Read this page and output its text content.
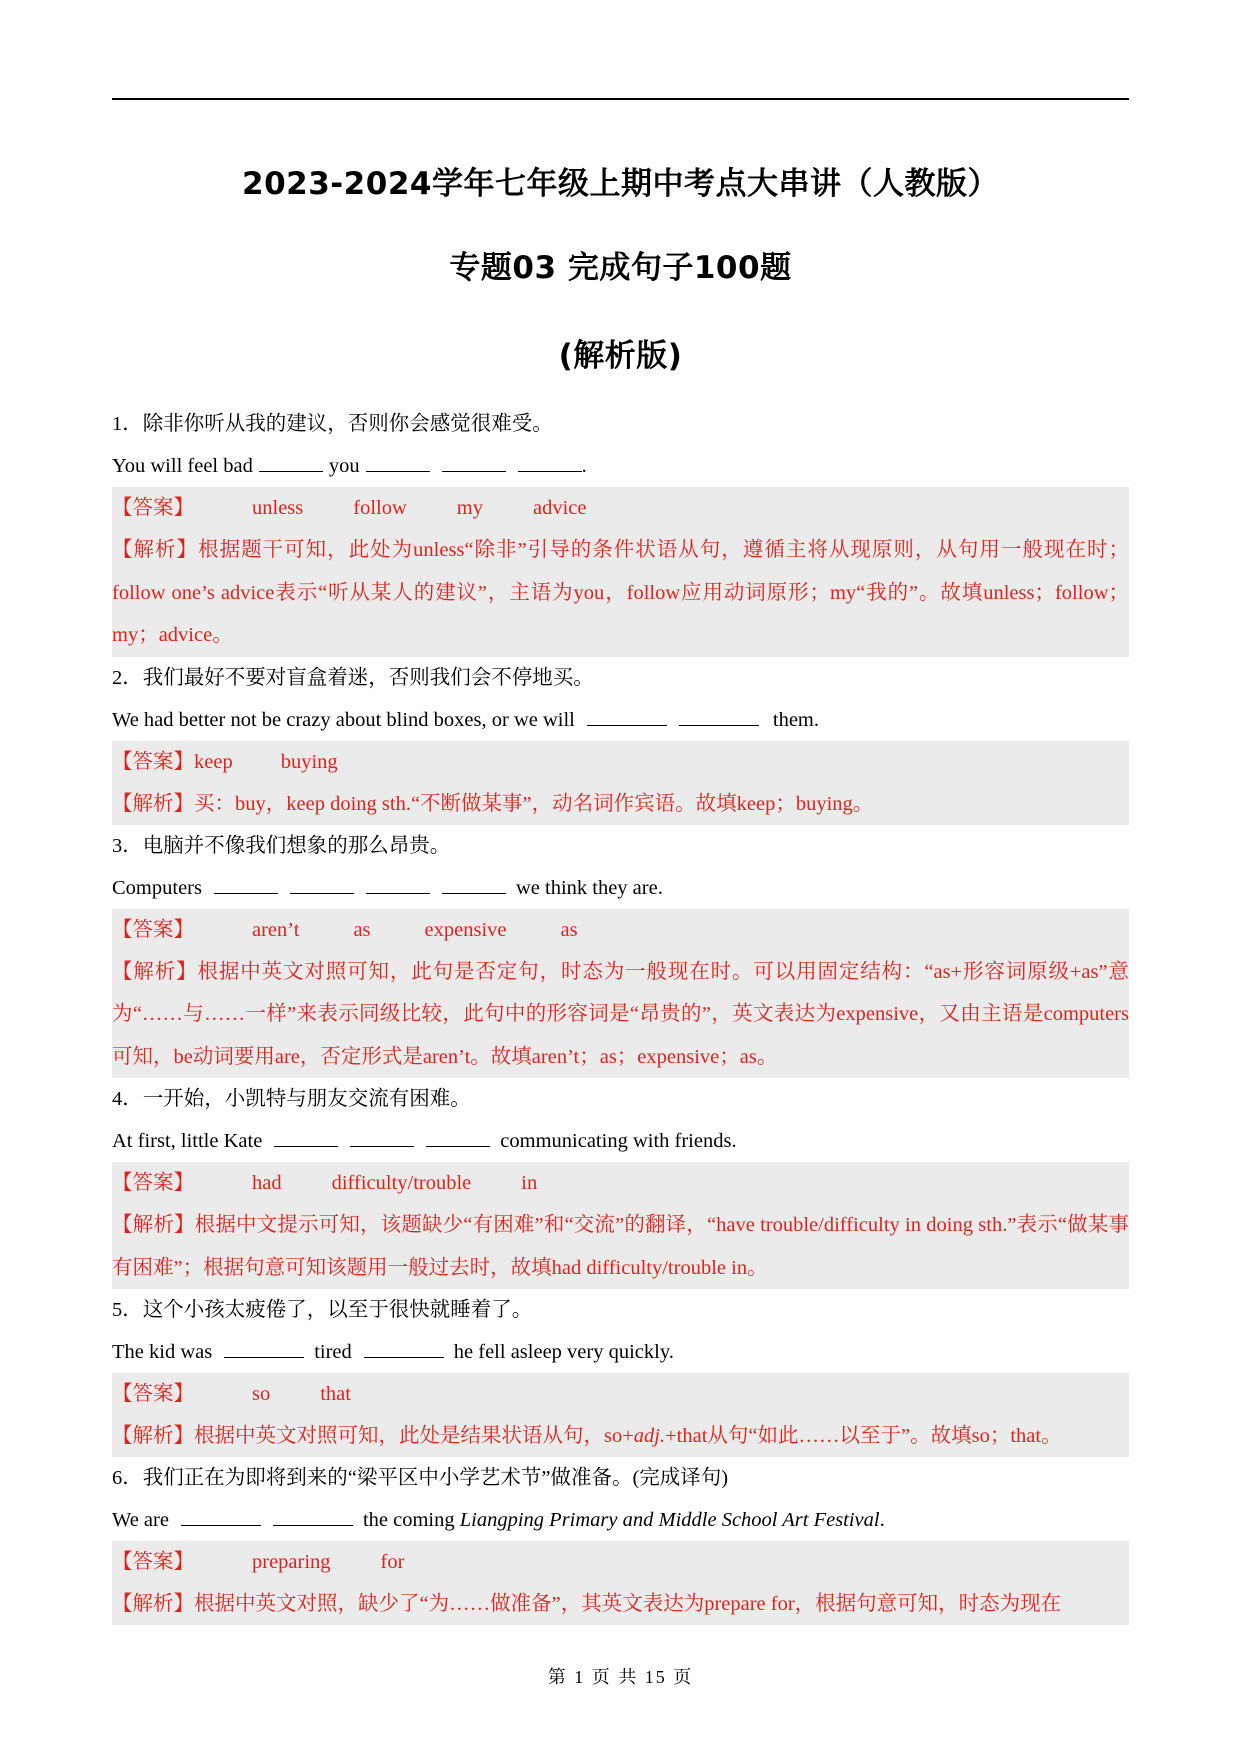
2023-2024学年七年级上期中考点大串讲（人教版）
专题03 完成句子100题
(解析版)
1．除非你听从我的建议，否则你会感觉很难受。
You will feel bad	you	.
【答案】	unless follow my advice
【解析】根据题干可知，此处为unless“除非”引导的条件状语从句，遵循主将从现原则，从句用一般现在时；follow one’s advice表示“听从某人的建议”，主语为you，follow应用动词原形；my“我的”。故填unless；follow；my；advice。
2．我们最好不要对盲盒着迷，否则我们会不停地买。
We had better not be crazy about blind boxes, or we will	them.
【答案】keep buying
【解析】买：buy，keep doing sth.“不断做某事”，动名词作宾语。故填keep；buying。
3．电脑并不像我们想象的那么昂贵。
Computers	we think they are.
【答案】	aren’t	as	expensive	as
【解析】根据中英文对照可知，此句是否定句，时态为一般现在时。可以用固定结构：“as+形容词原级+as”意为“……与……一样”来表示同级比较，此句中的形容词是“昂贵的”，英文表达为expensive，又由主语是computers可知，be动词要用are，否定形式是aren’t。故填aren’t；as；expensive；as。
4．一开始，小凯特与朋友交流有困难。
At first, little Kate	communicating with friends.
【答案】	had difficulty/trouble in
【解析】根据中文提示可知，该题缺少“有困难”和“交流”的翻译，“have trouble/difficulty in doing sth.”表示“做某事有困难”；根据句意可知该题用一般过去时，故填had difficulty/trouble in。
5．这个小孩太疲倦了，以至于很快就睡着了。
The kid was	tired	he fell asleep very quickly.
【答案】	so that
【解析】根据中英文对照可知，此处是结果状语从句，so+adj.+that从句“如此……以至于”。故填so；that。
6．我们正在为即将到来的“梁平区中小学艺术节”做准备。(完成译句)
We are	the coming Liangping Primary and Middle School Art Festival.
【答案】	preparing for
【解析】根据中英文对照，缺少了“为……做准备”，其英文表达为prepare for，根据句意可知，时态为现在
第 1 页 共 15 页
